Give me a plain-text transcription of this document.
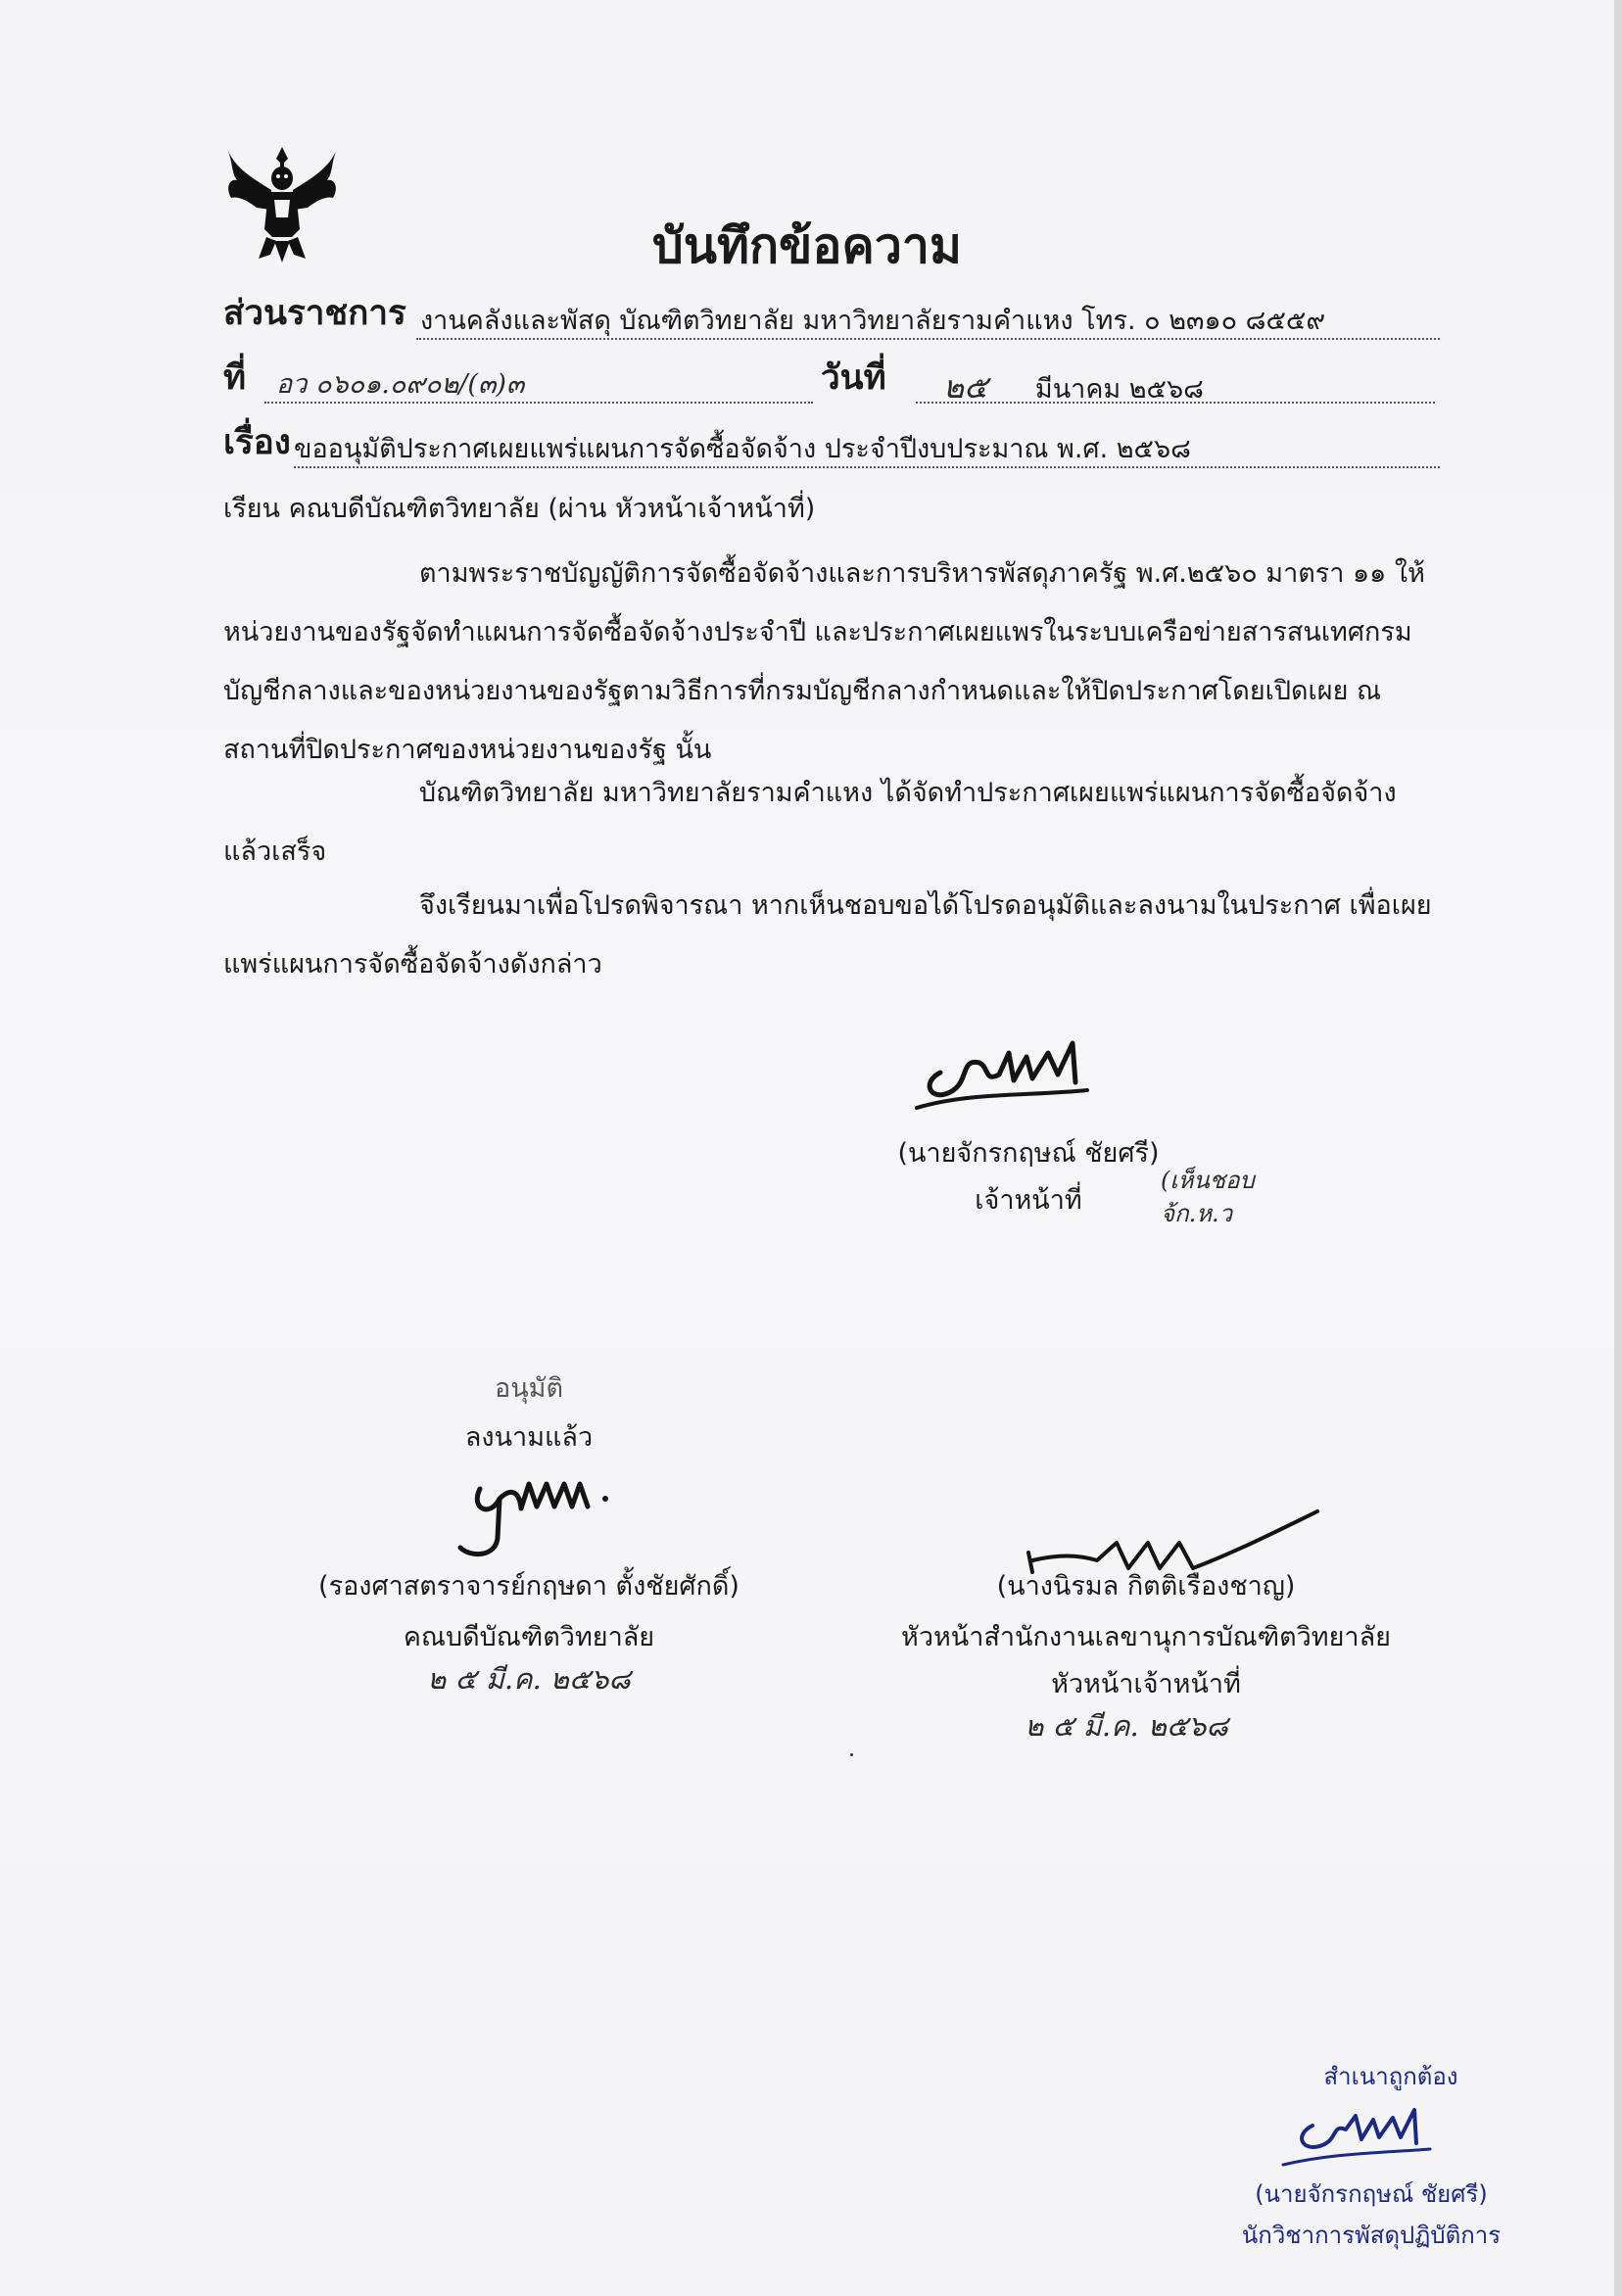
บันทึกข้อความ
ส่วนราชการ งานคลังและพัสดุ บัณฑิตวิทยาลัย มหาวิทยาลัยรามคำแหง โทร. ๐ ๒๓๑๐ ๘๕๕๙
ที่	อว ๐๖๐๑.๐๙๐๒/(๓)๓	วันที่	๒๕ มีนาคม ๒๕๖๘
เรื่อง ขออนุมัติประกาศเผยแพร่แผนการจัดซื้อจัดจ้าง ประจำปีงบประมาณ พ.ศ. ๒๕๖๘
เรียน คณบดีบัณฑิตวิทยาลัย (ผ่าน หัวหน้าเจ้าหน้าที่)
ตามพระราชบัญญัติการจัดซื้อจัดจ้างและการบริหารพัสดุภาครัฐ พ.ศ.๒๕๖๐ มาตรา ๑๑ ให้หน่วยงานของรัฐจัดทำแผนการจัดซื้อจัดจ้างประจำปี และประกาศเผยแพรในระบบเครือข่ายสารสนเทศกรมบัญชีกลางและของหน่วยงานของรัฐตามวิธีการที่กรมบัญชีกลางกำหนดและให้ปิดประกาศโดยเปิดเผย ณ สถานที่ปิดประกาศของหน่วยงานของรัฐ นั้น
บัณฑิตวิทยาลัย มหาวิทยาลัยรามคำแหง ได้จัดทำประกาศเผยแพร่แผนการจัดซื้อจัดจ้าง แล้วเสร็จ
จึงเรียนมาเพื่อโปรดพิจารณา หากเห็นชอบขอได้โปรดอนุมัติและลงนามในประกาศ เพื่อเผยแพร่แผนการจัดซื้อจัดจ้างดังกล่าว
(นายจักรกฤษณ์ ชัยศรี)
เจ้าหน้าที่
(เห็นชอบ
จ้ก.ห.ว
อนุมัติ
ลงนามแล้ว
(รองศาสตราจารย์กฤษดา ตั้งชัยศักดิ์)
คณบดีบัณฑิตวิทยาลัย
๒ ๕ มี.ค. ๒๕๖๘
(นางนิรมล กิตติเรืองชาญ)
หัวหน้าสำนักงานเลขานุการบัณฑิตวิทยาลัย
หัวหน้าเจ้าหน้าที่
๒ ๕ มี.ค. ๒๕๖๘
สำเนาถูกต้อง
(นายจักรกฤษณ์ ชัยศรี)
นักวิชาการพัสดุปฏิบัติการ
